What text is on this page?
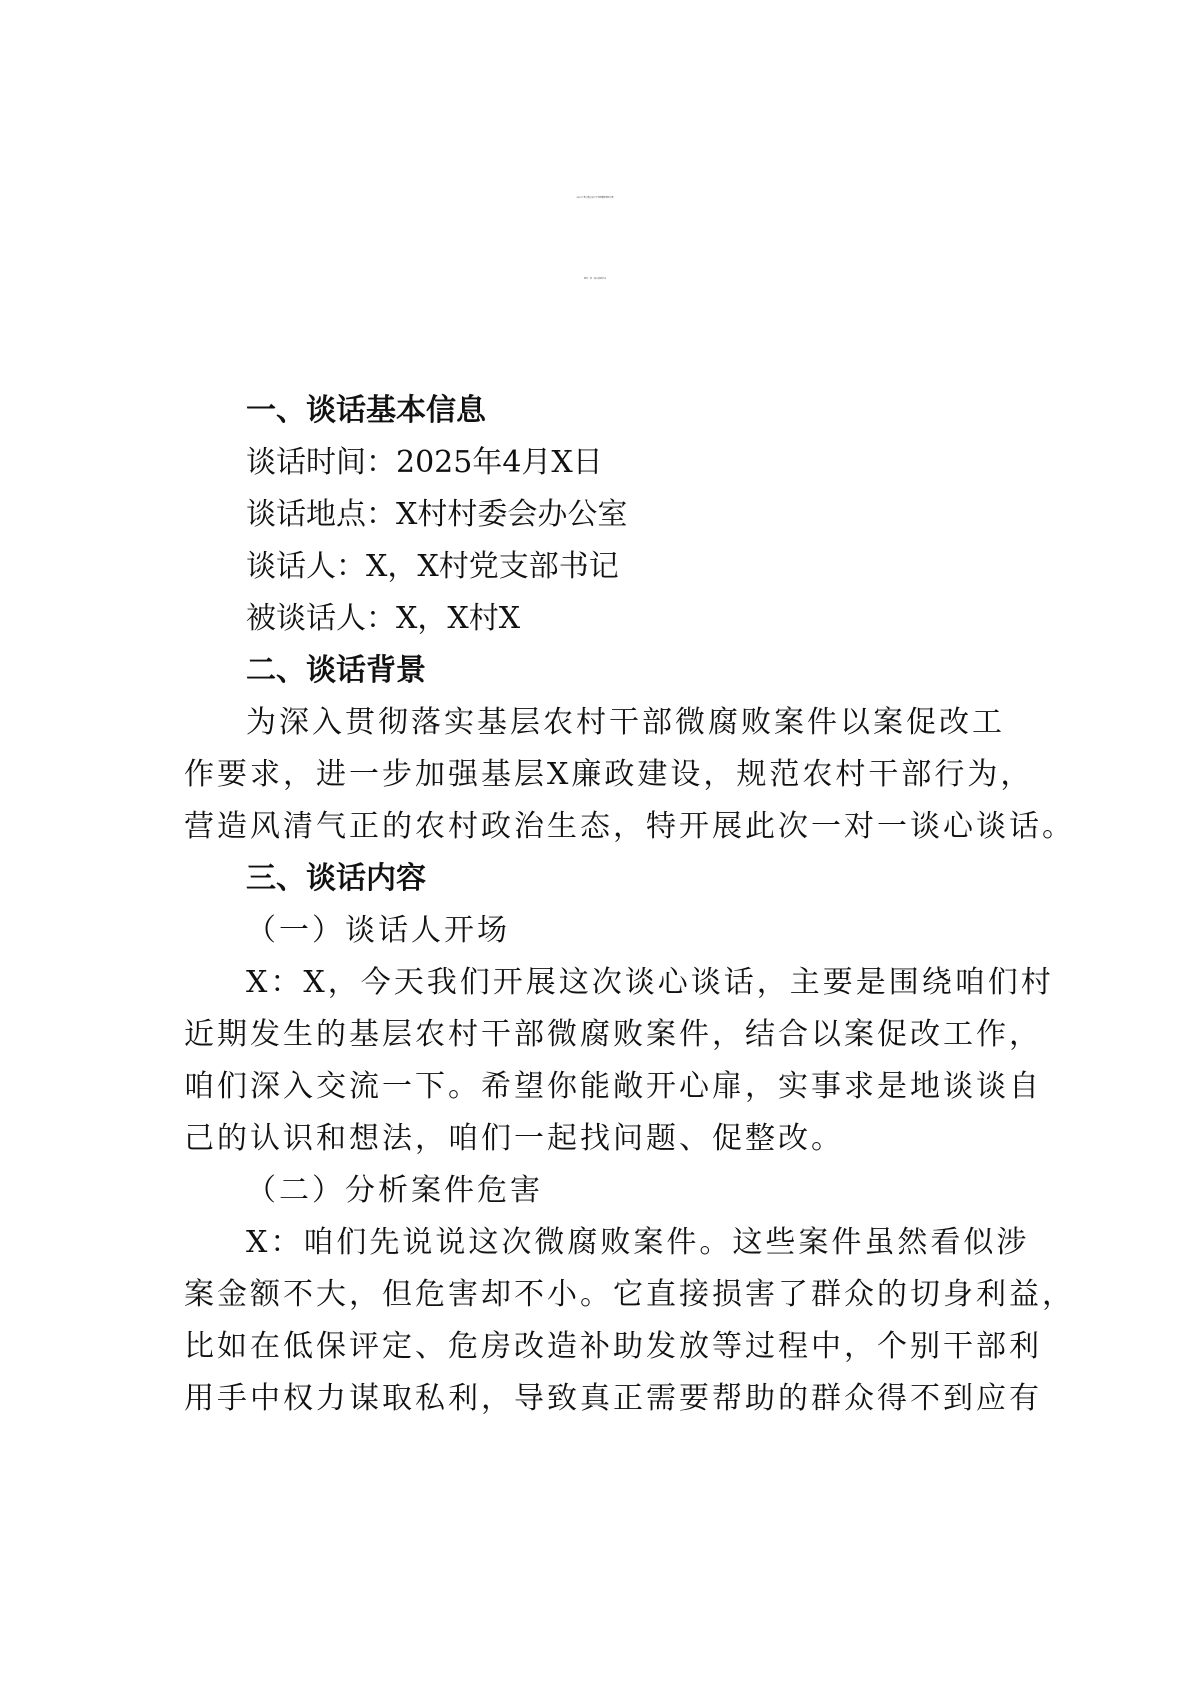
2025年某村基层农村干部微腐败案件以案
促改一对一谈心谈话记录
一、谈话基本信息
谈话时间：2025年4月X日
谈话地点：X村村委会办公室
谈话人：X，X村党支部书记
被谈话人：X，X村X
二、谈话背景
为深入贯彻落实基层农村干部微腐败案件以案促改工
作要求，进一步加强基层X廉政建设，规范农村干部行为，
营造风清气正的农村政治生态，特开展此次一对一谈心谈话。
三、谈话内容
（一）谈话人开场
X：X，今天我们开展这次谈心谈话，主要是围绕咱们村
近期发生的基层农村干部微腐败案件，结合以案促改工作，
咱们深入交流一下。希望你能敞开心扉，实事求是地谈谈自
己的认识和想法，咱们一起找问题、促整改。
（二）分析案件危害
X：咱们先说说这次微腐败案件。这些案件虽然看似涉
案金额不大，但危害却不小。它直接损害了群众的切身利益，
比如在低保评定、危房改造补助发放等过程中，个别干部利
用手中权力谋取私利，导致真正需要帮助的群众得不到应有
